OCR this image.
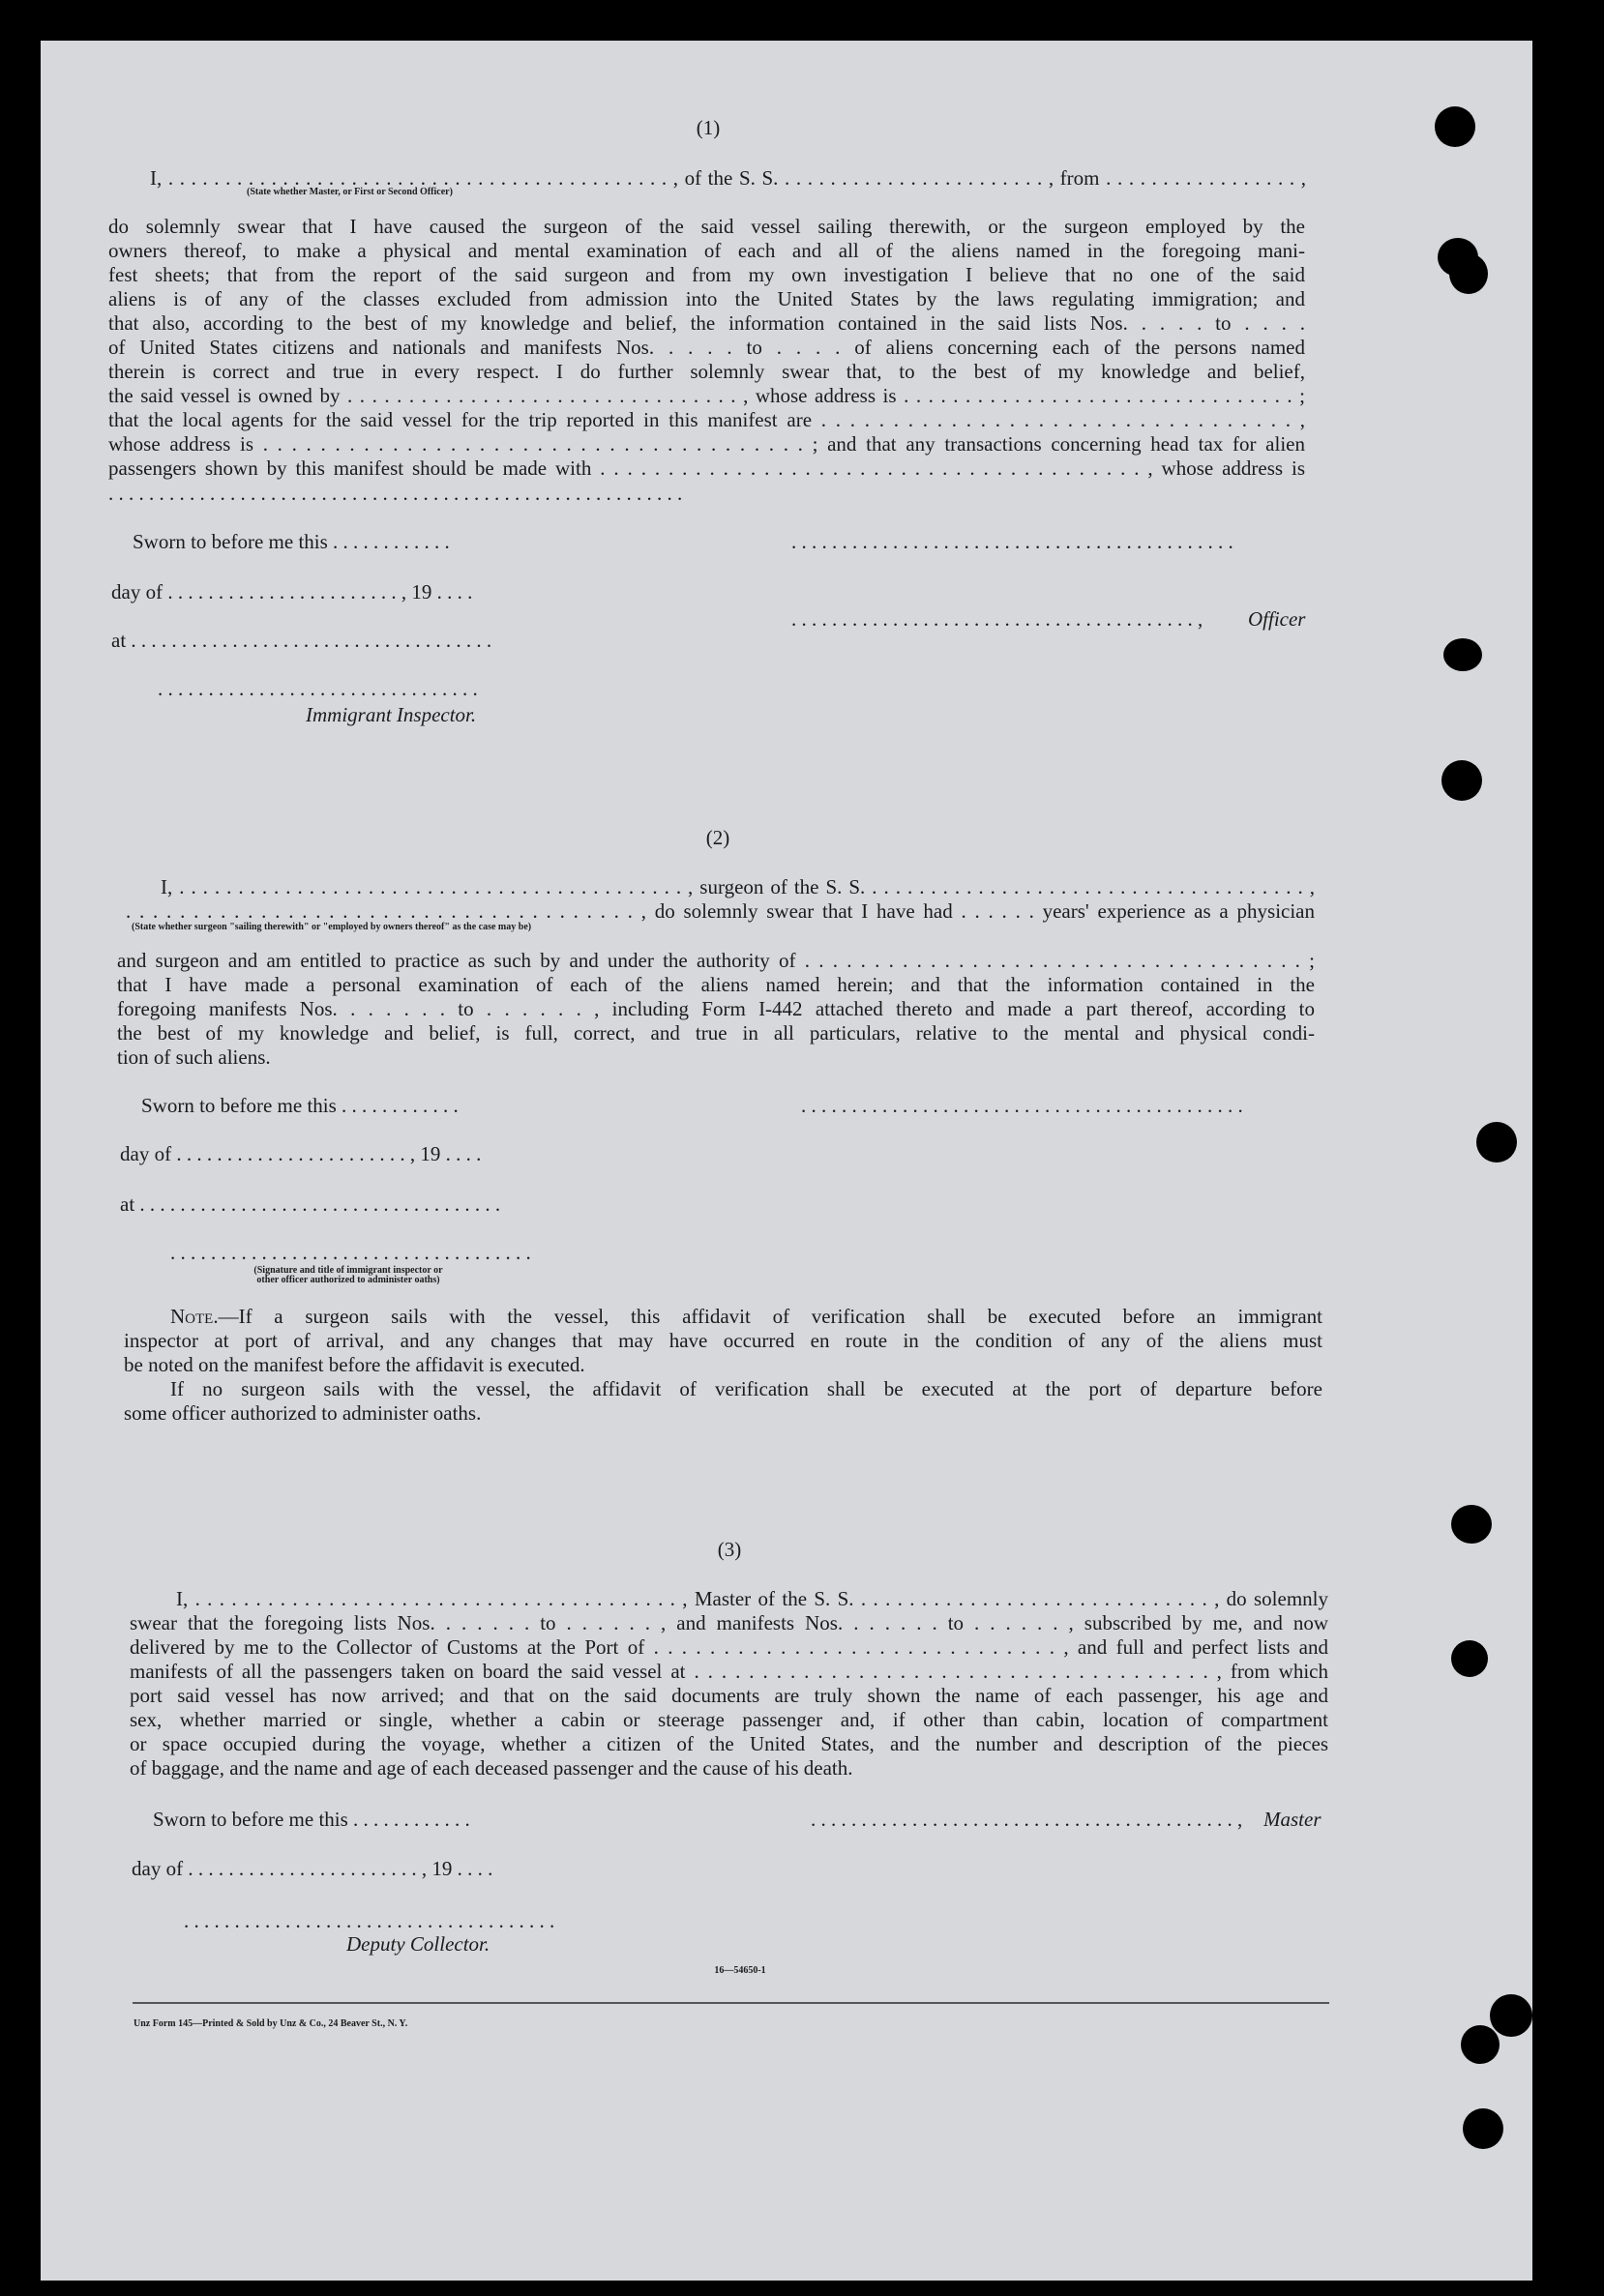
(1)
I, . . . . . . . . . . . . . . . . . . . . . . . . . . . . . . . . . . . . . . . . . . . . , of the S. S. . . . . . . . . . . . . . . . . . . . . . . . , from . . . . . . . . . . . . . . . . . ,
(State whether Master, or First or Second Officer)
do solemnly swear that I have caused the surgeon of the said vessel sailing therewith, or the surgeon employed by the
owners thereof, to make a physical and mental examination of each and all of the aliens named in the foregoing mani-
fest sheets; that from the report of the said surgeon and from my own investigation I believe that no one of the said
aliens is of any of the classes excluded from admission into the United States by the laws regulating immigration; and
that also, according to the best of my knowledge and belief, the information contained in the said lists Nos. . . . . to . . . .
of United States citizens and nationals and manifests Nos. . . . . to . . . . of aliens concerning each of the persons named
therein is correct and true in every respect. I do further solemnly swear that, to the best of my knowledge and belief,
the said vessel is owned by . . . . . . . . . . . . . . . . . . . . . . . . . . . . . . . . , whose address is . . . . . . . . . . . . . . . . . . . . . . . . . . . . . . . . ;
that the local agents for the said vessel for the trip reported in this manifest are . . . . . . . . . . . . . . . . . . . . . . . . . . . . . . . . . ,
whose address is . . . . . . . . . . . . . . . . . . . . . . . . . . . . . . . . . . . . . . ; and that any transactions concerning head tax for alien
passengers shown by this manifest should be made with . . . . . . . . . . . . . . . . . . . . . . . . . . . . . . . . . . . . . . . . , whose address is
. . . . . . . . . . . . . . . . . . . . . . . . . . . . . . . . . . . . . . . . . . . . . . . . . . . . . . . . .
Sworn to before me this . . . . . . . . . . . .	. . . . . . . . . . . . . . . . . . . . . . . . . . . . . . . . . . . . . . . . . . . .
day of . . . . . . . . . . . . . . . . . . . . . . . , 19 . . . .
. . . . . . . . . . . . . . . . . . . . . . . . . . . . . . . . . . . . . . . . ,	Officer
at . . . . . . . . . . . . . . . . . . . . . . . . . . . . . . . . . . . .
. . . . . . . . . . . . . . . . . . . . . . . . . . . . . . . .
Immigrant Inspector.
(2)
I, . . . . . . . . . . . . . . . . . . . . . . . . . . . . . . . . . . . . . . . . . . . , surgeon of the S. S. . . . . . . . . . . . . . . . . . . . . . . . . . . . . . . . . . . . . . ,
. . . . . . . . . . . . . . . . . . . . . . . . . . . . . . . . . . . . . . , do solemnly swear that I have had . . . . . . years' experience as a physician
(State whether surgeon "sailing therewith" or "employed by owners thereof" as the case may be)
and surgeon and am entitled to practice as such by and under the authority of . . . . . . . . . . . . . . . . . . . . . . . . . . . . . . . . . . . . ;
that I have made a personal examination of each of the aliens named herein; and that the information contained in the
foregoing manifests Nos. . . . . . . to . . . . . . , including Form I-442 attached thereto and made a part thereof, according to
the best of my knowledge and belief, is full, correct, and true in all particulars, relative to the mental and physical condi-
tion of such aliens.
Sworn to before me this . . . . . . . . . . . .	. . . . . . . . . . . . . . . . . . . . . . . . . . . . . . . . . . . . . . . . . . . .
day of . . . . . . . . . . . . . . . . . . . . . . . , 19 . . . .
at . . . . . . . . . . . . . . . . . . . . . . . . . . . . . . . . . . . .
. . . . . . . . . . . . . . . . . . . . . . . . . . . . . . . . . . . .
(Signature and title of immigrant inspector or
other officer authorized to administer oaths)
Note.—If a surgeon sails with the vessel, this affidavit of verification shall be executed before an immigrant
inspector at port of arrival, and any changes that may have occurred en route in the condition of any of the aliens must
be noted on the manifest before the affidavit is executed.
If no surgeon sails with the vessel, the affidavit of verification shall be executed at the port of departure before
some officer authorized to administer oaths.
(3)
I, . . . . . . . . . . . . . . . . . . . . . . . . . . . . . . . . . . . . . . . . , Master of the S. S. . . . . . . . . . . . . . . . . . . . . . . . . . . . . . , do solemnly
swear that the foregoing lists Nos. . . . . . . to . . . . . . , and manifests Nos. . . . . . . to . . . . . . , subscribed by me, and now
delivered by me to the Collector of Customs at the Port of . . . . . . . . . . . . . . . . . . . . . . . . . . . . . , and full and perfect lists and
manifests of all the passengers taken on board the said vessel at . . . . . . . . . . . . . . . . . . . . . . . . . . . . . . . . . . . . . . , from which
port said vessel has now arrived; and that on the said documents are truly shown the name of each passenger, his age and
sex, whether married or single, whether a cabin or steerage passenger and, if other than cabin, location of compartment
or space occupied during the voyage, whether a citizen of the United States, and the number and description of the pieces
of baggage, and the name and age of each deceased passenger and the cause of his death.
Sworn to before me this . . . . . . . . . . . .	. . . . . . . . . . . . . . . . . . . . . . . . . . . . . . . . . . . . . . . . . . ,	Master
day of . . . . . . . . . . . . . . . . . . . . . . . , 19 . . . .
. . . . . . . . . . . . . . . . . . . . . . . . . . . . . . . . . . . . .
Deputy Collector.
16—54650-1
Unz Form 145—Printed & Sold by Unz & Co., 24 Beaver St., N. Y.
